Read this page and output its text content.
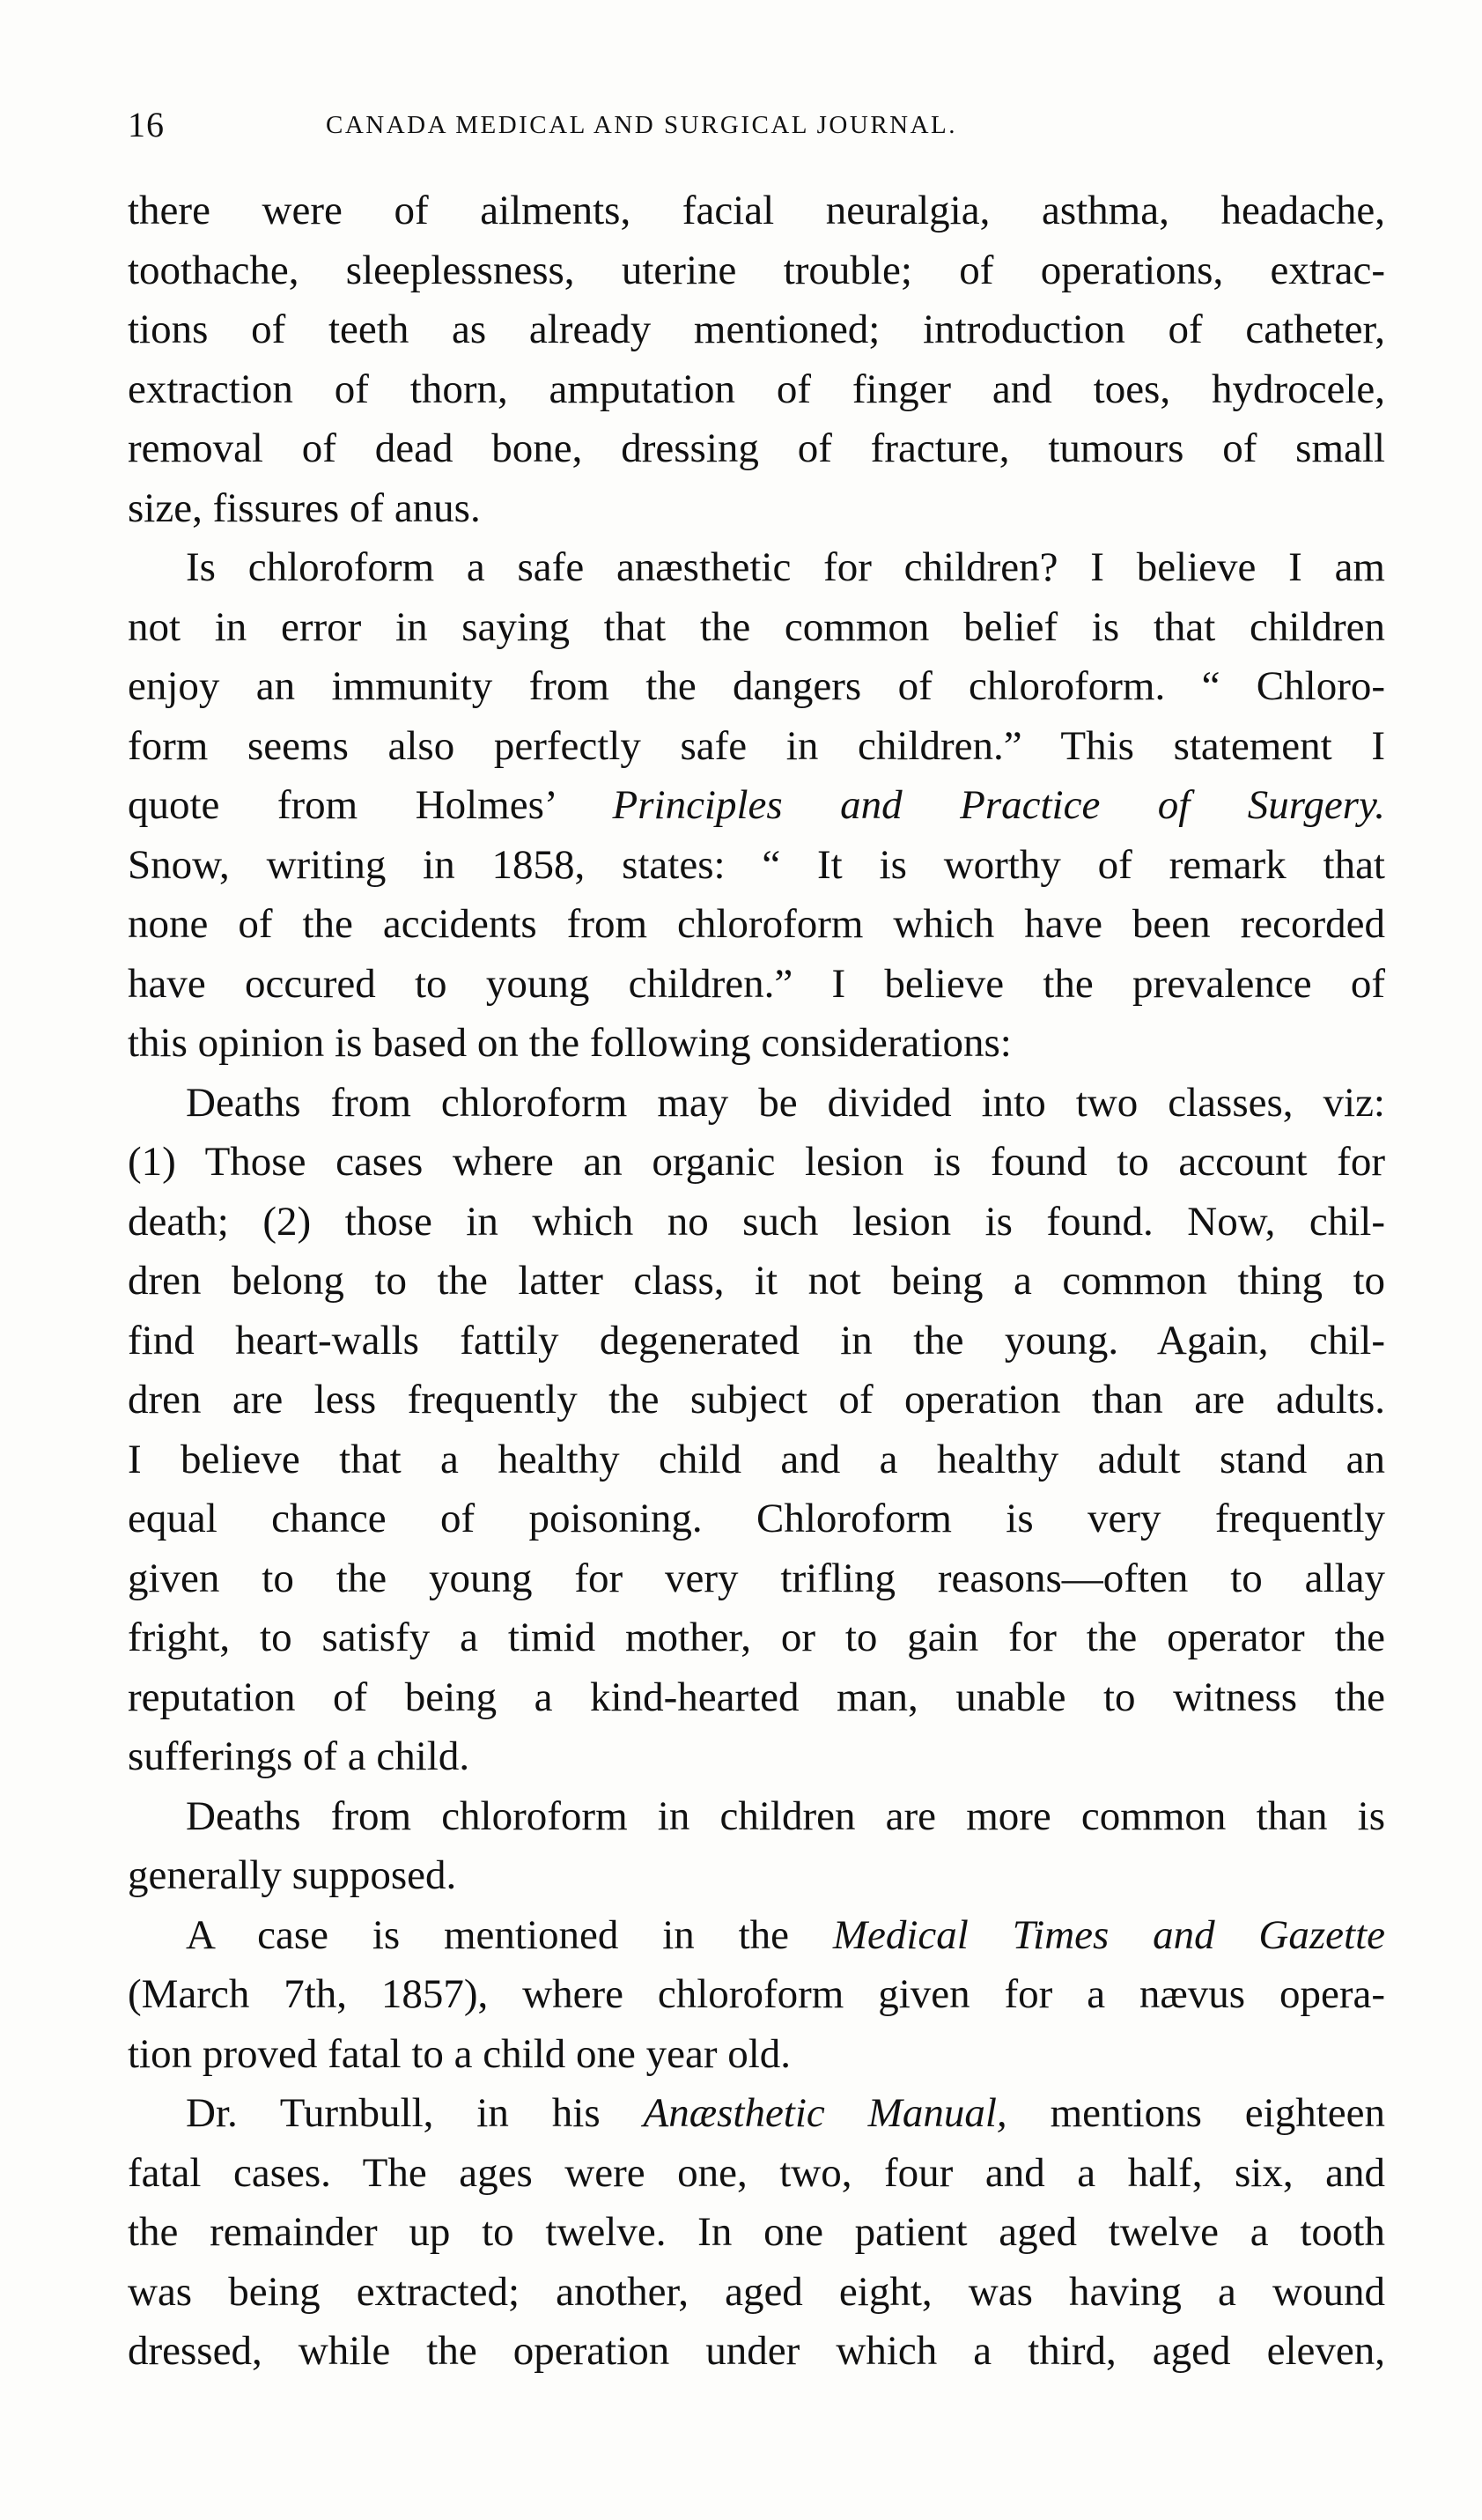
16	CANADA MEDICAL AND SURGICAL JOURNAL.
there were of ailments, facial neuralgia, asthma, headache,
toothache, sleeplessness, uterine trouble; of operations, extrac-
tions of teeth as already mentioned; introduction of catheter,
extraction of thorn, amputation of finger and toes, hydrocele,
removal of dead bone, dressing of fracture, tumours of small
size, fissures of anus.
Is chloroform a safe anæsthetic for children? I believe I am
not in error in saying that the common belief is that children
enjoy an immunity from the dangers of chloroform. “ Chloro-
form seems also perfectly safe in children.” This statement I
quote from Holmes’ Principles and Practice of Surgery.
Snow, writing in 1858, states: “ It is worthy of remark that
none of the accidents from chloroform which have been recorded
have occured to young children.” I believe the prevalence of
this opinion is based on the following considerations:
Deaths from chloroform may be divided into two classes, viz:
(1) Those cases where an organic lesion is found to account for
death; (2) those in which no such lesion is found. Now, chil-
dren belong to the latter class, it not being a common thing to
find heart-walls fattily degenerated in the young. Again, chil-
dren are less frequently the subject of operation than are adults.
I believe that a healthy child and a healthy adult stand an
equal chance of poisoning. Chloroform is very frequently
given to the young for very trifling reasons—often to allay
fright, to satisfy a timid mother, or to gain for the operator the
reputation of being a kind-hearted man, unable to witness the
sufferings of a child.
Deaths from chloroform in children are more common than is
generally supposed.
A case is mentioned in the Medical Times and Gazette
(March 7th, 1857), where chloroform given for a nævus opera-
tion proved fatal to a child one year old.
Dr. Turnbull, in his Anæsthetic Manual, mentions eighteen
fatal cases. The ages were one, two, four and a half, six, and
the remainder up to twelve. In one patient aged twelve a tooth
was being extracted; another, aged eight, was having a wound
dressed, while the operation under which a third, aged eleven,
